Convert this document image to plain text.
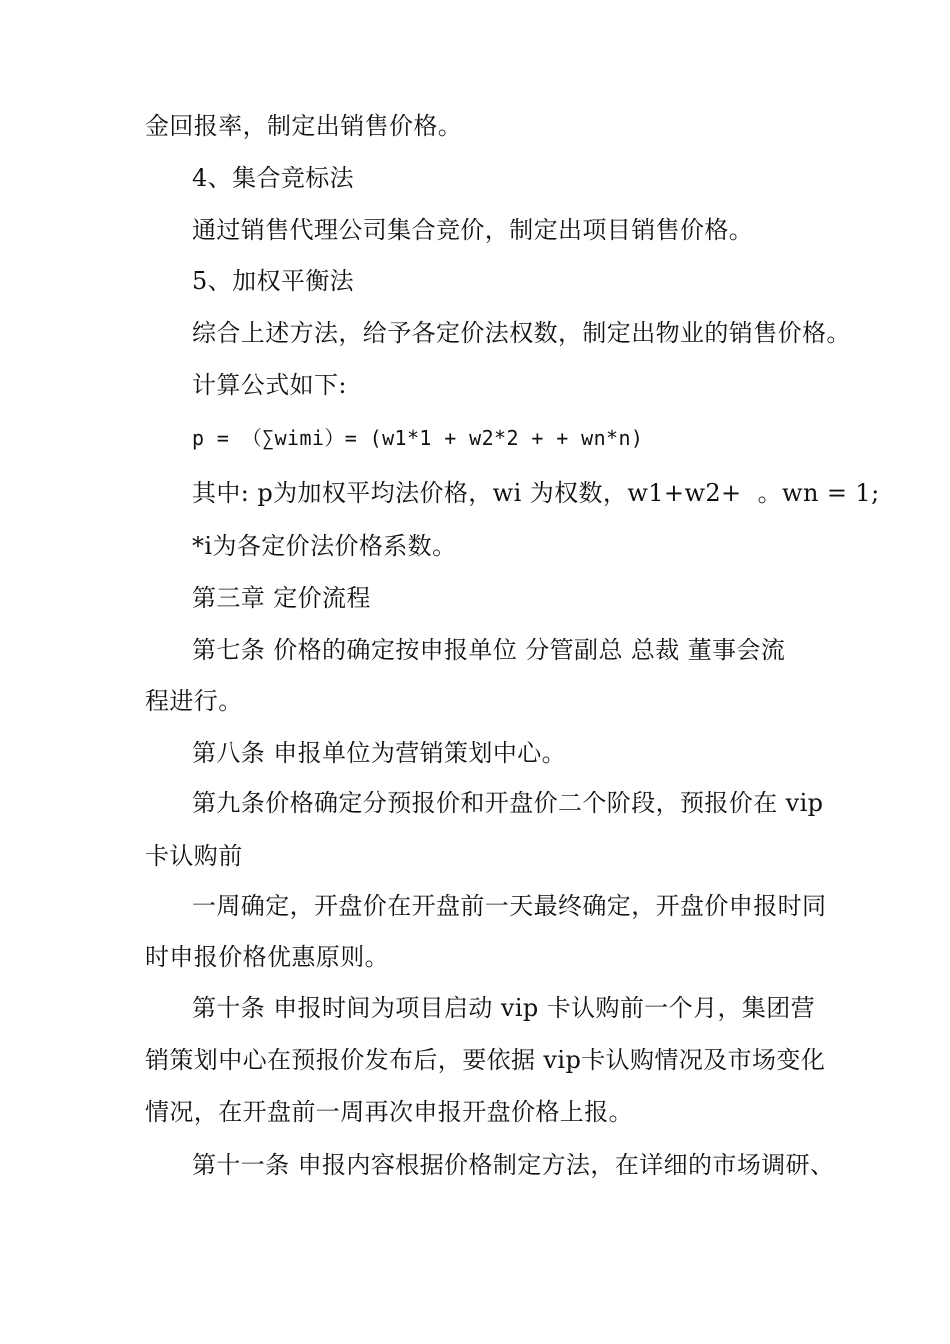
金回报率，制定出销售价格。
4、集合竞标法
通过销售代理公司集合竞价，制定出项目销售价格。
5、加权平衡法
综合上述方法，给予各定价法权数，制定出物业的销售价格。
计算公式如下:
p = （∑wimi）= (w1*1 + w2*2 + + wn*n)
其中: p为加权平均法价格，wi 为权数，w1+w2+  。wn = 1;
*i为各定价法价格系数。
第三章 定价流程
第七条 价格的确定按申报单位 分管副总 总裁 董事会流
程进行。
第八条 申报单位为营销策划中心。
第九条价格确定分预报价和开盘价二个阶段，预报价在 vip
卡认购前
一周确定，开盘价在开盘前一天最终确定，开盘价申报时同
时申报价格优惠原则。
第十条 申报时间为项目启动 vip 卡认购前一个月，集团营
销策划中心在预报价发布后，要依据 vip卡认购情况及市场变化
情况，在开盘前一周再次申报开盘价格上报。
第十一条 申报内容根据价格制定方法，在详细的市场调研、
